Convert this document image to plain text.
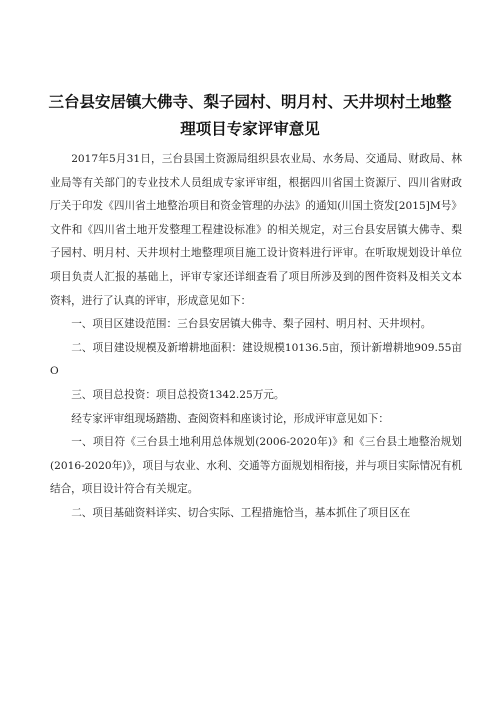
三台县安居镇大佛寺、梨子园村、明月村、天井坝村土地整
理项目专家评审意见

2017年5月31日，三台县国土资源局组织县农业局、水务局、交通局、财政局、林业局等有关部门的专业技术人员组成专家评审组，根据四川省国土资源厅、四川省财政厅关于印发《四川省土地整治项目和资金管理的办法》的通知(川国土资发[2015]M号》文件和《四川省土地开发整理工程建设标准》的相关规定，对三台县安居镇大佛寺、梨子园村、明月村、天井坝村土地整理项目施工设计资料进行评审。在听取规划设计单位项目负责人汇报的基础上，评审专家还详细查看了项目所涉及到的图件资料及相关文本资料，进行了认真的评审，形成意见如下：

一、项目区建设范围：三台县安居镇大佛寺、梨子园村、明月村、天井坝村。

二、项目建设规模及新增耕地面积：建设规模10136.5亩，预计新增耕地909.55亩O

三、项目总投资：项目总投资1342.25万元。

经专家评审组现场踏勘、查阅资料和座谈讨论，形成评审意见如下：

一、项目符《三台县土地利用总体规划(2006-2020年)》和《三台县土地整治规划(2016-2020年)》，项目与农业、水利、交通等方面规划相衔接，并与项目实际情况有机结合，项目设计符合有关规定。

二、项目基础资料详实、切合实际、工程措施恰当，基本抓住了项目区在
